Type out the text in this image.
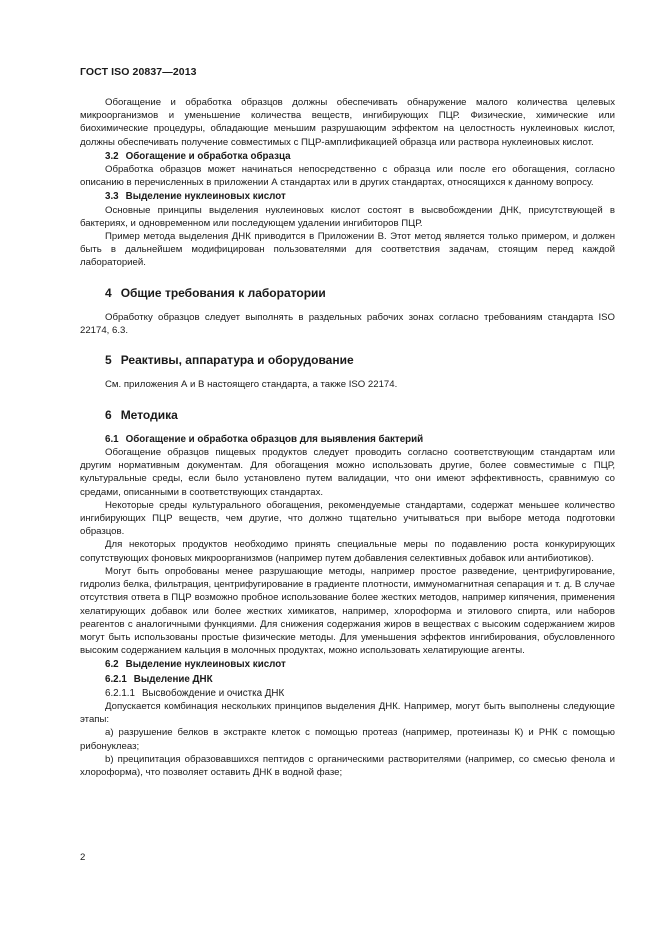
ГОСТ ISO 20837—2013

Обогащение и обработка образцов должны обеспечивать обнаружение малого количества целевых микроорганизмов и уменьшение количества веществ, ингибирующих ПЦР. Физические, химические или биохимические процедуры, обладающие меньшим разрушающим эффектом на целостность нуклеиновых кислот, должны обеспечивать получение совместимых с ПЦР-амплификацией образца или раствора нуклеиновых кислот.

3.2 Обогащение и обработка образца

Обработка образцов может начинаться непосредственно с образца или после его обогащения, согласно описанию в перечисленных в приложении А стандартах или в других стандартах, относящихся к данному вопросу.

3.3 Выделение нуклеиновых кислот

Основные принципы выделения нуклеиновых кислот состоят в высвобождении ДНК, присутствующей в бактериях, и одновременном или последующем удалении ингибиторов ПЦР.

Пример метода выделения ДНК приводится в Приложении В. Этот метод является только примером, и должен быть в дальнейшем модифицирован пользователями для соответствия задачам, стоящим перед каждой лабораторией.

4 Общие требования к лаборатории

Обработку образцов следует выполнять в раздельных рабочих зонах согласно требованиям стандарта ISO 22174, 6.3.

5 Реактивы, аппаратура и оборудование

См. приложения А и В настоящего стандарта, а также ISO 22174.

6 Методика
6.1 Обогащение и обработка образцов для выявления бактерий

Обогащение образцов пищевых продуктов следует проводить согласно соответствующим стандартам или другим нормативным документам. Для обогащения можно использовать другие, более совместимые с ПЦР, культуральные среды, если было установлено путем валидации, что они имеют эффективность, сравнимую со средами, описанными в соответствующих стандартах.

Некоторые среды культурального обогащения, рекомендуемые стандартами, содержат меньшее количество ингибирующих ПЦР веществ, чем другие, что должно тщательно учитываться при выборе метода подготовки образцов.

Для некоторых продуктов необходимо принять специальные меры по подавлению роста конкурирующих сопутствующих фоновых микроорганизмов (например путем добавления селективных добавок или антибиотиков).

Могут быть опробованы менее разрушающие методы, например простое разведение, центрифугирование, гидролиз белка, фильтрация, центрифугирование в градиенте плотности, иммуномагнитная сепарация и т. д. В случае отсутствия ответа в ПЦР возможно пробное использование более жестких методов, например кипячения, применения хелатирующих добавок или более жестких химикатов, например, хлороформа и этилового спирта, или наборов реагентов с аналогичными функциями. Для снижения содержания жиров в веществах с высоким содержанием жиров могут быть использованы простые физические методы. Для уменьшения эффектов ингибирования, обусловленного высоким содержанием кальция в молочных продуктах, можно использовать хелатирующие агенты.

6.2 Выделение нуклеиновых кислот
6.2.1 Выделение ДНК
6.2.1.1 Высвобождение и очистка ДНК

Допускается комбинация нескольких принципов выделения ДНК. Например, могут быть выполнены следующие этапы:

а) разрушение белков в экстракте клеток с помощью протеаз (например, протеиназы К) и РНК с помощью рибонуклеаз;

b) преципитация образовавшихся пептидов с органическими растворителями (например, со смесью фенола и хлороформа), что позволяет оставить ДНК в водной фазе;

2
